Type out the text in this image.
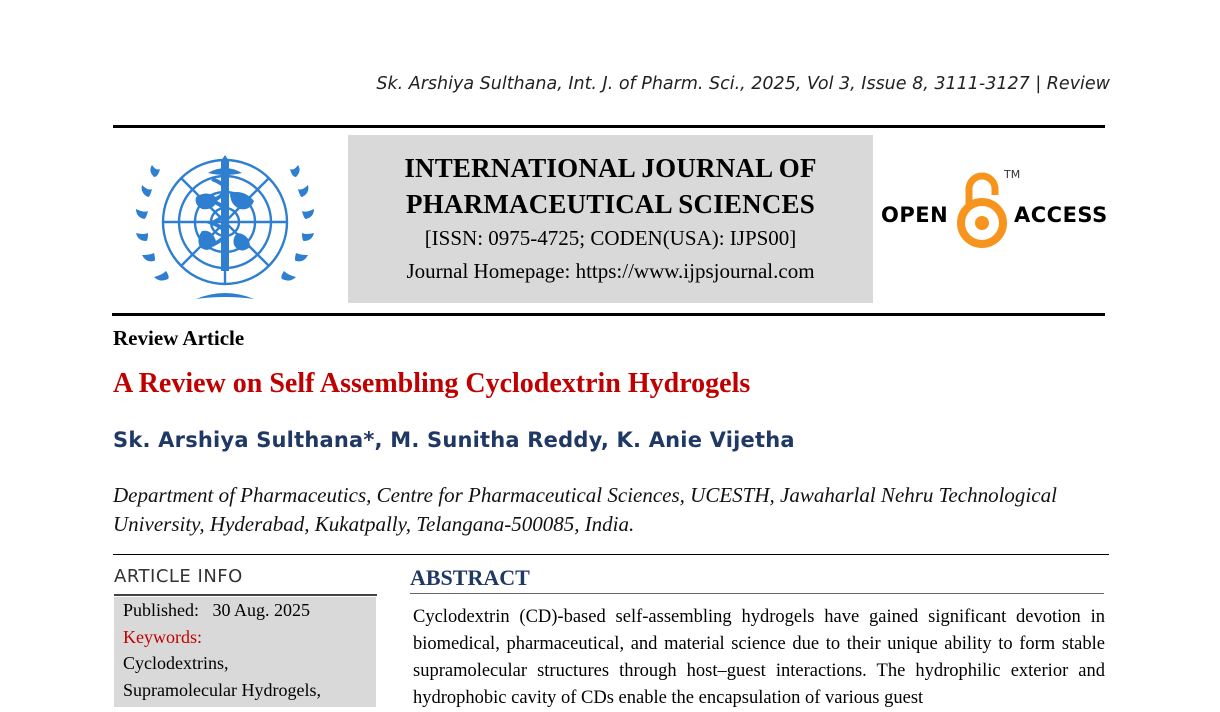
Sk. Arshiya Sulthana, Int. J. of Pharm. Sci., 2025, Vol 3, Issue 8, 3111-3127 | Review
INTERNATIONAL JOURNAL OF
PHARMACEUTICAL SCIENCES
[ISSN: 0975-4725; CODEN(USA): IJPS00]
Journal Homepage: https://www.ijpsjournal.com
OPEN
TM
ACCESS
Review Article
A Review on Self Assembling Cyclodextrin Hydrogels
Sk. Arshiya Sulthana*, M. Sunitha Reddy, K. Anie Vijetha
Department of Pharmaceutics, Centre for Pharmaceutical Sciences, UCESTH, Jawaharlal Nehru Technological University, Hyderabad, Kukatpally, Telangana-500085, India.
ARTICLE INFO
Published: 30 Aug. 2025
Keywords:
Cyclodextrins,
Supramolecular Hydrogels,
ABSTRACT
Cyclodextrin (CD)-based self-assembling hydrogels have gained significant devotion in biomedical, pharmaceutical, and material science due to their unique ability to form stable supramolecular structures through host–guest interactions. The hydrophilic exterior and hydrophobic cavity of CDs enable the encapsulation of various guest
